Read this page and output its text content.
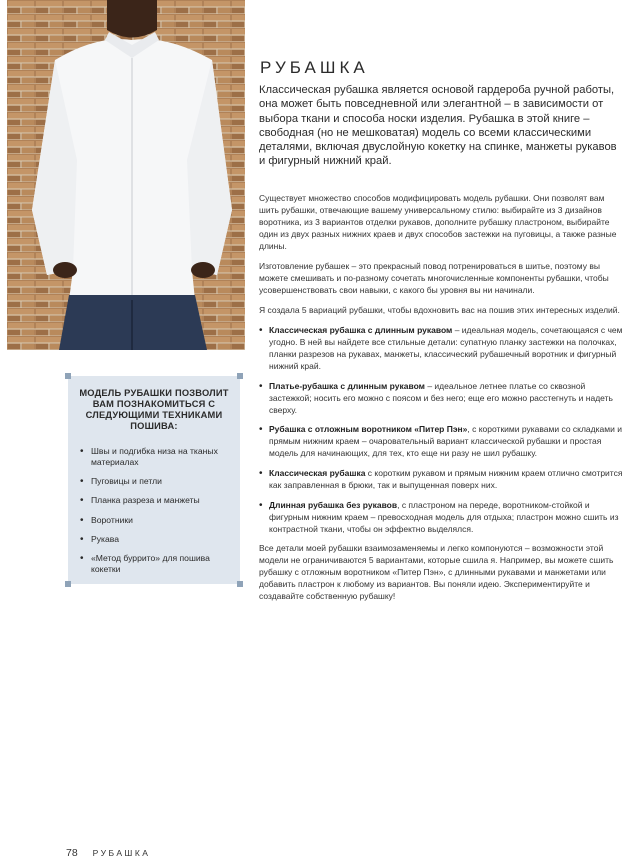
РУБАШКА

Классическая рубашка является основой гардероба ручной работы, она может быть повседневной или элегантной – в зависимости от выбора ткани и способа носки изделия. Рубашка в этой книге – свободная (но не мешковатая) модель со всеми классическими деталями, включая двуслойную кокетку на спинке, манжеты рукавов и фигурный нижний край.

Существует множество способов модифицировать модель рубашки. Они позволят вам шить рубашки, отвечающие вашему универсальному стилю: выбирайте из 3 дизайнов воротника, из 3 вариантов отделки рукавов, дополните рубашку пластроном, выбирайте один из двух разных нижних краев и двух способов застежки на пуговицы, а также разные длины.

Изготовление рубашек – это прекрасный повод потренироваться в шитье, поэтому вы можете смешивать и по-разному сочетать многочисленные компоненты рубашки, чтобы усовершенствовать свои навыки, с какого бы уровня вы ни начинали.

Я создала 5 вариаций рубашки, чтобы вдохновить вас на пошив этих интересных изделий.

• Классическая рубашка с длинным рукавом – идеальная модель, сочетающаяся с чем угодно. В ней вы найдете все стильные детали: супатную планку застежки на полочках, планки разрезов на рукавах, манжеты, классический рубашечный воротник и фигурный нижний край.
• Платье-рубашка с длинным рукавом – идеальное летнее платье со сквозной застежкой; носить его можно с поясом и без него; еще его можно расстегнуть и надеть сверху.
• Рубашка с отложным воротником «Питер Пэн», с короткими рукавами со складками и прямым нижним краем – очаровательный вариант классической рубашки и простая модель для начинающих, для тех, кто еще ни разу не шил рубашку.
• Классическая рубашка с коротким рукавом и прямым нижним краем отлично смотрится как заправленная в брюки, так и выпущенная поверх них.
• Длинная рубашка без рукавов, с пластроном на переде, воротником-стойкой и фигурным нижним краем – превосходная модель для отдыха; пластрон можно сшить из контрастной ткани, чтобы он эффектно выделялся.

Все детали моей рубашки взаимозаменяемы и легко компонуются – возможности этой модели не ограничиваются 5 вариантами, которые сшила я. Например, вы можете сшить рубашку с отложным воротником «Питер Пэн», с длинными рукавами и манжетами или добавить пластрон к любому из вариантов. Вы поняли идею. Экспериментируйте и создавайте собственную рубашку!

МОДЕЛЬ РУБАШКИ ПОЗВОЛИТ ВАМ ПОЗНАКОМИТЬСЯ С СЛЕДУЮЩИМИ ТЕХНИКАМИ ПОШИВА:
• Швы и подгибка низа на тканых материалах
• Пуговицы и петли
• Планка разреза и манжеты
• Воротники
• Рукава
• «Метод буррито» для пошива кокетки
78 РУБАШКА
